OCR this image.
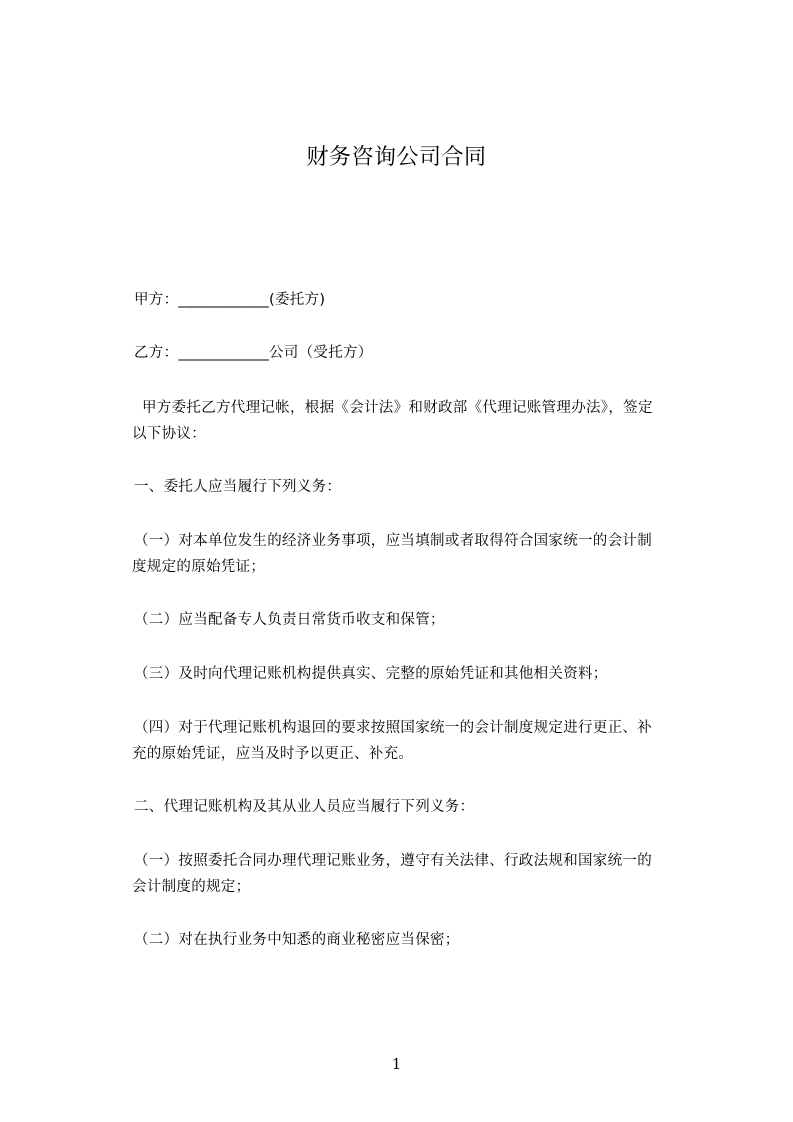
财务咨询公司合同
甲方：____________(委托方)
乙方：____________公司（受托方）
甲方委托乙方代理记帐，根据《会计法》和财政部《代理记账管理办法》，签定
以下协议：
一、委托人应当履行下列义务：
（一）对本单位发生的经济业务事项，应当填制或者取得符合国家统一的会计制
度规定的原始凭证；
（二）应当配备专人负责日常货币收支和保管；
（三）及时向代理记账机构提供真实、完整的原始凭证和其他相关资料；
（四）对于代理记账机构退回的要求按照国家统一的会计制度规定进行更正、补
充的原始凭证，应当及时予以更正、补充。
二、代理记账机构及其从业人员应当履行下列义务：
（一）按照委托合同办理代理记账业务，遵守有关法律、行政法规和国家统一的
会计制度的规定；
（二）对在执行业务中知悉的商业秘密应当保密；
1
